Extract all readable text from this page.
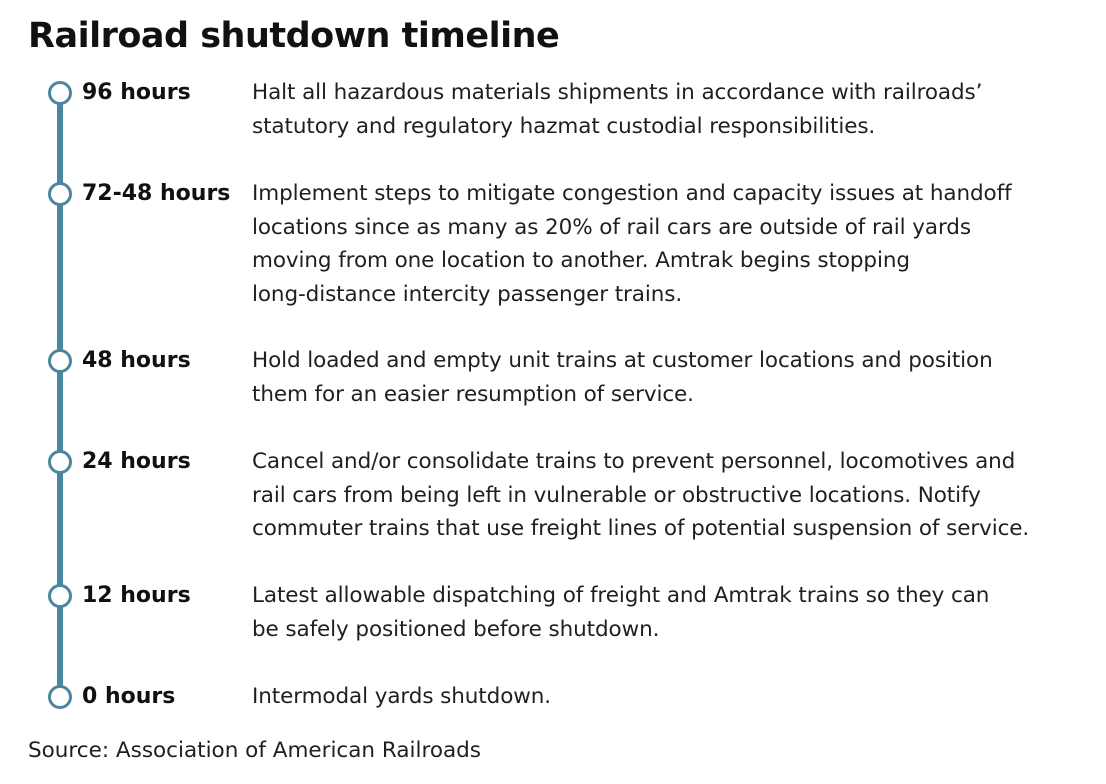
Railroad shutdown timeline
96 hours	Halt all hazardous materials shipments in accordance with railroads’
statutory and regulatory hazmat custodial responsibilities.
72-48 hours Implement steps to mitigate congestion and capacity issues at handoff
locations since as many as 20% of rail cars are outside of rail yards
moving from one location to another. Amtrak begins stopping
long-distance intercity passenger trains.
48 hours	Hold loaded and empty unit trains at customer locations and position
them for an easier resumption of service.
24 hours	Cancel and/or consolidate trains to prevent personnel, locomotives and
rail cars from being left in vulnerable or obstructive locations. Notify
commuter trains that use freight lines of potential suspension of service.
12 hours	Latest allowable dispatching of freight and Amtrak trains so they can
be safely positioned before shutdown.
0 hours	Intermodal yards shutdown.
Source: Association of American Railroads
